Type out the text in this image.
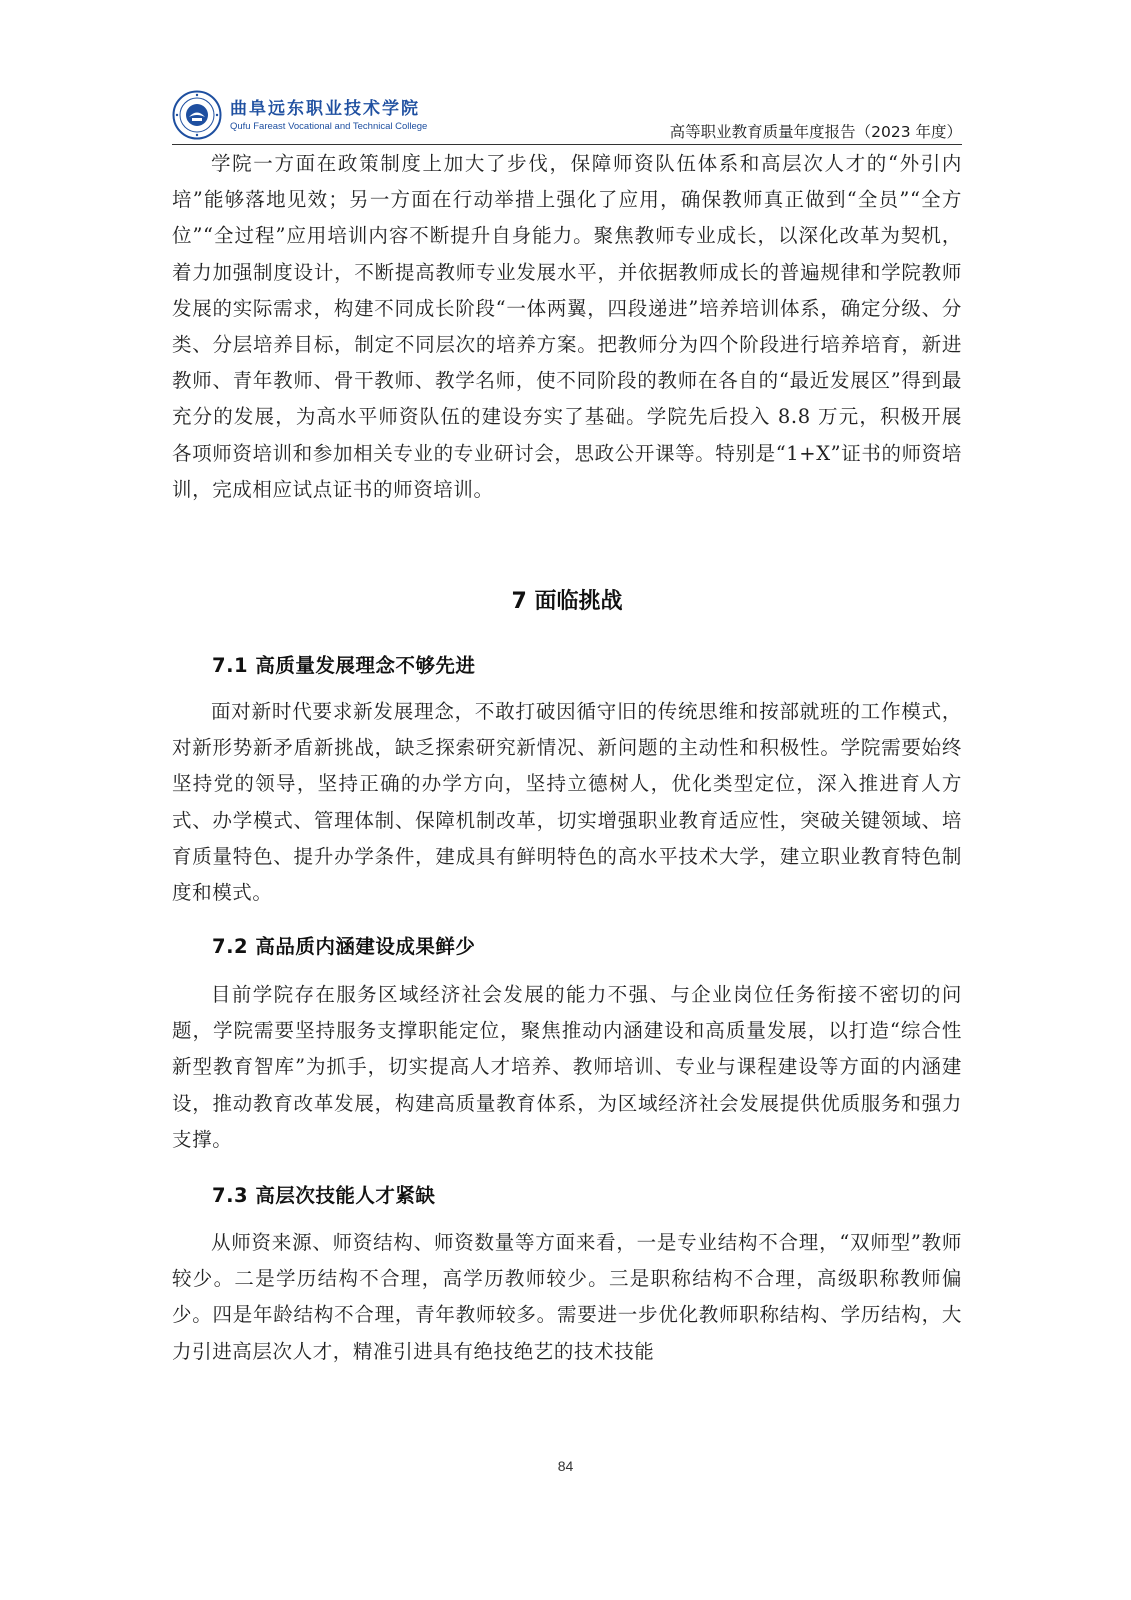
曲阜远东职业技术学院
Qufu Fareast Vocational and Technical College	高等职业教育质量年度报告（2023 年度）

学院一方面在政策制度上加大了步伐，保障师资队伍体系和高层次人才的“外引内培”能够落地见效；另一方面在行动举措上强化了应用，确保教师真正做到“全员”“全方位”“全过程”应用培训内容不断提升自身能力。聚焦教师专业成长，以深化改革为契机，着力加强制度设计，不断提高教师专业发展水平，并依据教师成长的普遍规律和学院教师发展的实际需求，构建不同成长阶段“一体两翼，四段递进”培养培训体系，确定分级、分类、分层培养目标，制定不同层次的培养方案。把教师分为四个阶段进行培养培育，新进教师、青年教师、骨干教师、教学名师，使不同阶段的教师在各自的“最近发展区”得到最充分的发展，为高水平师资队伍的建设夯实了基础。学院先后投入 8.8 万元，积极开展各项师资培训和参加相关专业的专业研讨会，思政公开课等。特别是“1+X”证书的师资培训，完成相应试点证书的师资培训。

7 面临挑战
7.1 高质量发展理念不够先进

面对新时代要求新发展理念，不敢打破因循守旧的传统思维和按部就班的工作模式，对新形势新矛盾新挑战，缺乏探索研究新情况、新问题的主动性和积极性。学院需要始终坚持党的领导，坚持正确的办学方向，坚持立德树人，优化类型定位，深入推进育人方式、办学模式、管理体制、保障机制改革，切实增强职业教育适应性，突破关键领域、培育质量特色、提升办学条件，建成具有鲜明特色的高水平技术大学，建立职业教育特色制度和模式。

7.2 高品质内涵建设成果鲜少

目前学院存在服务区域经济社会发展的能力不强、与企业岗位任务衔接不密切的问题，学院需要坚持服务支撑职能定位，聚焦推动内涵建设和高质量发展，以打造“综合性新型教育智库”为抓手，切实提高人才培养、教师培训、专业与课程建设等方面的内涵建设，推动教育改革发展，构建高质量教育体系，为区域经济社会发展提供优质服务和强力支撑。

7.3 高层次技能人才紧缺

从师资来源、师资结构、师资数量等方面来看，一是专业结构不合理，“双师型”教师较少。二是学历结构不合理，高学历教师较少。三是职称结构不合理，高级职称教师偏少。四是年龄结构不合理，青年教师较多。需要进一步优化教师职称结构、学历结构，大力引进高层次人才，精准引进具有绝技绝艺的技术技能

84
